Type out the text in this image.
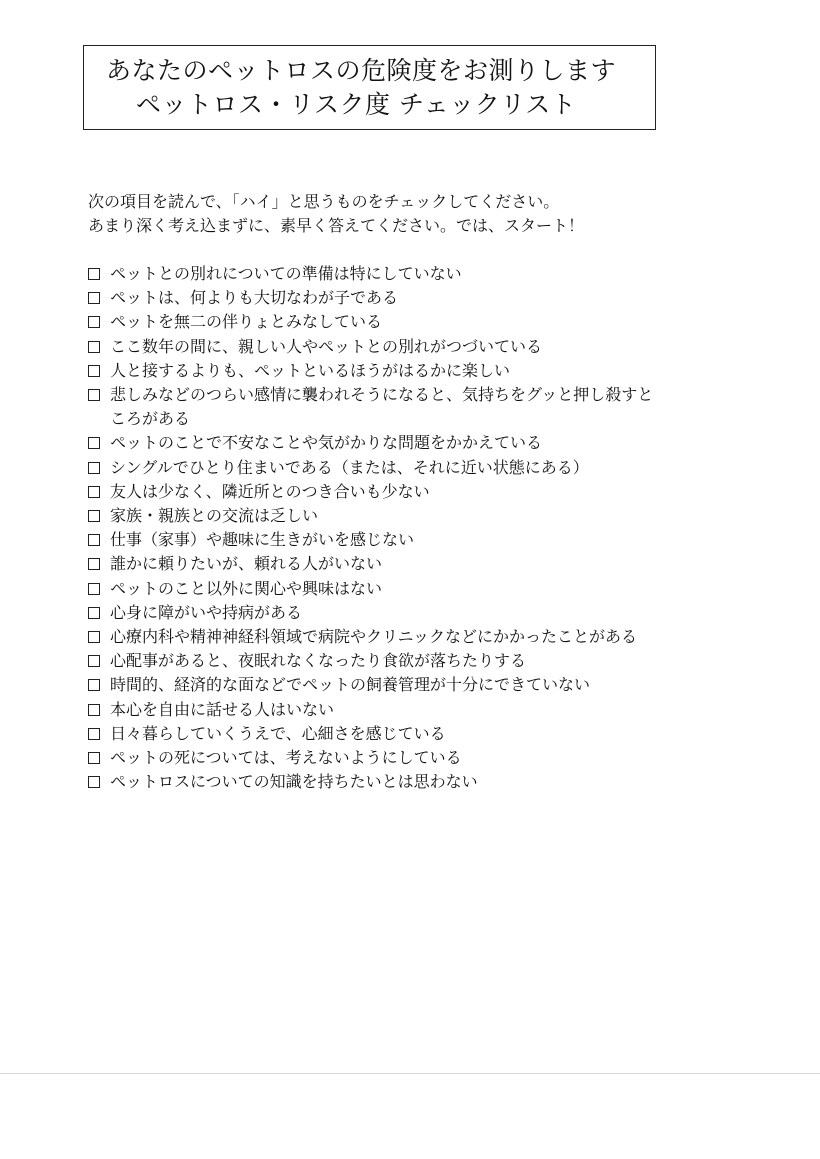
あなたのペットロスの危険度をお測りします
ペットロス・リスク度 チェックリスト
次の項目を読んで、「ハイ」と思うものをチェックしてください。
あまり深く考え込まずに、素早く答えてください。では、スタート！
ペットとの別れについての準備は特にしていない
ペットは、何よりも大切なわが子である
ペットを無二の伴りょとみなしている
ここ数年の間に、親しい人やペットとの別れがつづいている
人と接するよりも、ペットといるほうがはるかに楽しい
悲しみなどのつらい感情に襲われそうになると、気持ちをグッと押し殺すところがある
ペットのことで不安なことや気がかりな問題をかかえている
シングルでひとり住まいである（または、それに近い状態にある）
友人は少なく、隣近所とのつき合いも少ない
家族・親族との交流は乏しい
仕事（家事）や趣味に生きがいを感じない
誰かに頼りたいが、頼れる人がいない
ペットのこと以外に関心や興味はない
心身に障がいや持病がある
心療内科や精神神経科領域で病院やクリニックなどにかかったことがある
心配事があると、夜眠れなくなったり食欲が落ちたりする
時間的、経済的な面などでペットの飼養管理が十分にできていない
本心を自由に話せる人はいない
日々暮らしていくうえで、心細さを感じている
ペットの死については、考えないようにしている
ペットロスについての知識を持ちたいとは思わない
